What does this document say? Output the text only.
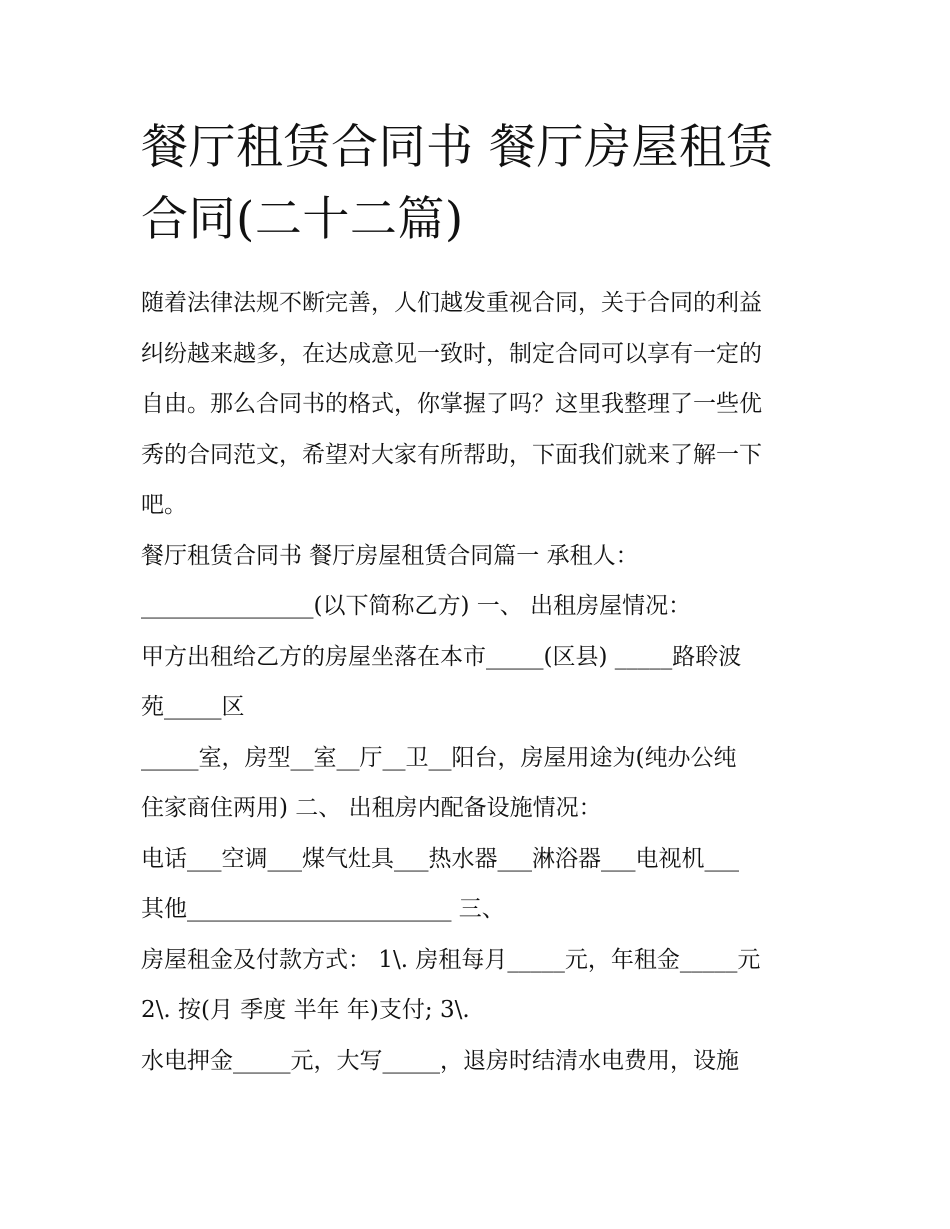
餐厅租赁合同书 餐厅房屋租赁
合同(二十二篇)
随着法律法规不断完善，人们越发重视合同，关于合同的利益
纠纷越来越多，在达成意见一致时，制定合同可以享有一定的
自由。那么合同书的格式，你掌握了吗？这里我整理了一些优
秀的合同范文，希望对大家有所帮助，下面我们就来了解一下
吧。
餐厅租赁合同书 餐厅房屋租赁合同篇一 承租人：
_______________(以下简称乙方) 一、 出租房屋情况：
甲方出租给乙方的房屋坐落在本市_____(区县) _____路聆波
苑_____区
_____室，房型__室__厅__卫__阳台，房屋用途为(纯办公纯
住家商住两用) 二、 出租房内配备设施情况：
电话___空调___煤气灶具___热水器___淋浴器___电视机___
其他_______________________ 三、
房屋租金及付款方式： 1\. 房租每月_____元，年租金_____元
2\. 按(月 季度 半年 年)支付; 3\.
水电押金_____元，大写_____，退房时结清水电费用，设施
